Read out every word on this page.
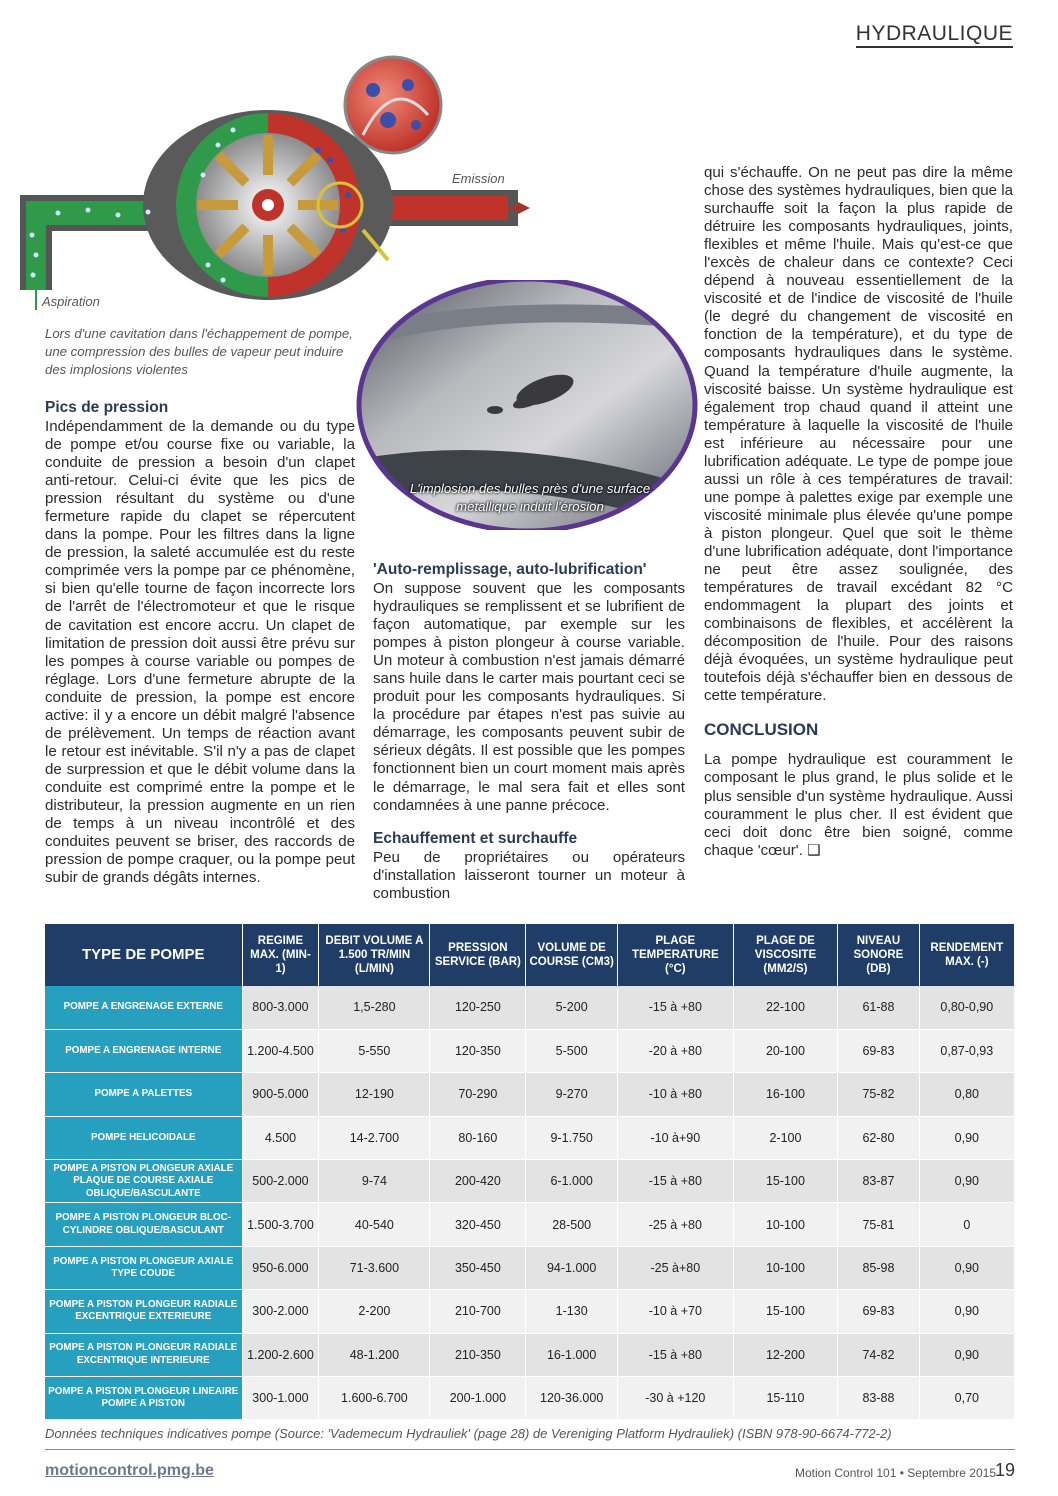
HYDRAULIQUE
Emission
Aspiration
Lors d'une cavitation dans l'échappement de pompe, une compression des bulles de vapeur peut induire des implosions violentes
L'implosion des bulles près d'une surface métallique induit l'érosion
Pics de pression

Indépendamment de la demande ou du type de pompe et/ou course fixe ou variable, la conduite de pression a besoin d'un clapet anti-retour. Celui-ci évite que les pics de pression résultant du système ou d'une fermeture rapide du clapet se répercutent dans la pompe. Pour les filtres dans la ligne de pression, la saleté accumulée est du reste comprimée vers la pompe par ce phénomène, si bien qu'elle tourne de façon incorrecte lors de l'arrêt de l'électromoteur et que le risque de cavitation est encore accru. Un clapet de limitation de pression doit aussi être prévu sur les pompes à course variable ou pompes de réglage. Lors d'une fermeture abrupte de la conduite de pression, la pompe est encore active: il y a encore un débit malgré l'absence de prélèvement. Un temps de réaction avant le retour est inévitable. S'il n'y a pas de clapet de surpression et que le débit volume dans la conduite est comprimé entre la pompe et le distributeur, la pression augmente en un rien de temps à un niveau incontrôlé et des conduites peuvent se briser, des raccords de pression de pompe craquer, ou la pompe peut subir de grands dégâts internes.

'Auto-remplissage, auto-lubrification'

On suppose souvent que les composants hydrauliques se remplissent et se lubrifient de façon automatique, par exemple sur les pompes à piston plongeur à course variable. Un moteur à combustion n'est jamais démarré sans huile dans le carter mais pourtant ceci se produit pour les composants hydrauliques. Si la procédure par étapes n'est pas suivie au démarrage, les composants peuvent subir de sérieux dégâts. Il est possible que les pompes fonctionnent bien un court moment mais après le démarrage, le mal sera fait et elles sont condamnées à une panne précoce.

Echauffement et surchauffe

Peu de propriétaires ou opérateurs d'installation laisseront tourner un moteur à combustion

qui s'échauffe. On ne peut pas dire la même chose des systèmes hydrauliques, bien que la surchauffe soit la façon la plus rapide de détruire les composants hydrauliques, joints, flexibles et même l'huile. Mais qu'est-ce que l'excès de chaleur dans ce contexte? Ceci dépend à nouveau essentiellement de la viscosité et de l'indice de viscosité de l'huile (le degré du changement de viscosité en fonction de la température), et du type de composants hydrauliques dans le système. Quand la température d'huile augmente, la viscosité baisse. Un système hydraulique est également trop chaud quand il atteint une température à laquelle la viscosité de l'huile est inférieure au nécessaire pour une lubrification adéquate. Le type de pompe joue aussi un rôle à ces températures de travail: une pompe à palettes exige par exemple une viscosité minimale plus élevée qu'une pompe à piston plongeur. Quel que soit le thème d'une lubrification adéquate, dont l'importance ne peut être assez soulignée, des températures de travail excédant 82 °C endommagent la plupart des joints et combinaisons de flexibles, et accélèrent la décomposition de l'huile. Pour des raisons déjà évoquées, un système hydraulique peut toutefois déjà s'échauffer bien en dessous de cette température.

CONCLUSION

La pompe hydraulique est couramment le composant le plus grand, le plus solide et le plus sensible d'un système hydraulique. Aussi couramment le plus cher. Il est évident que ceci doit donc être bien soigné, comme chaque 'cœur'. ❑

TYPE DE POMPE	REGIME MAX. (MIN-1)	DEBIT VOLUME A 1.500 TR/MIN (L/MIN)	PRESSION SERVICE (BAR)	VOLUME DE COURSE (CM3)	PLAGE TEMPERATURE (°C)	PLAGE DE VISCOSITE (MM2/S)	NIVEAU SONORE (DB)	RENDEMENT MAX. (-)
POMPE A ENGRENAGE EXTERNE	800-3.000	1,5-280	120-250	5-200	-15 à +80	22-100	61-88	0,80-0,90
POMPE A ENGRENAGE INTERNE	1.200-4.500	5-550	120-350	5-500	-20 à +80	20-100	69-83	0,87-0,93
POMPE A PALETTES	900-5.000	12-190	70-290	9-270	-10 à +80	16-100	75-82	0,80
POMPE HELICOIDALE	4.500	14-2.700	80-160	9-1.750	-10 à+90	2-100	62-80	0,90
POMPE A PISTON PLONGEUR AXIALE PLAQUE DE COURSE AXIALE OBLIQUE/BASCULANTE	500-2.000	9-74	200-420	6-1.000	-15 à +80	15-100	83-87	0,90
POMPE A PISTON PLONGEUR BLOC-CYLINDRE OBLIQUE/BASCULANT	1.500-3.700	40-540	320-450	28-500	-25 à +80	10-100	75-81	0
POMPE A PISTON PLONGEUR AXIALE TYPE COUDE	950-6.000	71-3.600	350-450	94-1.000	-25 à+80	10-100	85-98	0,90
POMPE A PISTON PLONGEUR RADIALE EXCENTRIQUE EXTERIEURE	300-2.000	2-200	210-700	1-130	-10 à +70	15-100	69-83	0,90
POMPE A PISTON PLONGEUR RADIALE EXCENTRIQUE INTERIEURE	1.200-2.600	48-1.200	210-350	16-1.000	-15 à +80	12-200	74-82	0,90
POMPE A PISTON PLONGEUR LINEAIRE POMPE A PISTON	300-1.000	1.600-6.700	200-1.000	120-36.000	-30 à +120	15-110	83-88	0,70
Données techniques indicatives pompe (Source: 'Vademecum Hydrauliek' (page 28) de Vereniging Platform Hydrauliek) (ISBN 978-90-6674-772-2)
motioncontrol.pmg.be	Motion Control 101 • Septembre 2015
19
